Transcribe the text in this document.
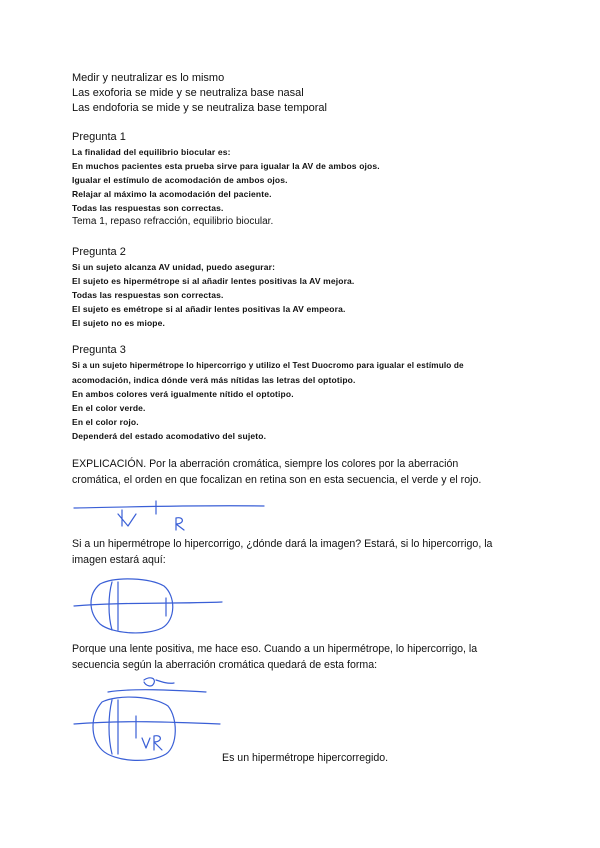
Medir y neutralizar es lo mismo
Las exoforia se mide y se neutraliza base nasal
Las endoforia se mide y se neutraliza base temporal
Pregunta 1
La finalidad del equilibrio biocular es:
En muchos pacientes esta prueba sirve para igualar la AV de ambos ojos.
Igualar el estímulo de acomodación de ambos ojos.
Relajar al máximo la acomodación del paciente.
Todas las respuestas son correctas.
Tema 1, repaso refracción, equilibrio biocular.
Pregunta 2
Si un sujeto alcanza AV unidad, puedo asegurar:
El sujeto es hipermétrope si al añadir lentes positivas la AV mejora.
Todas las respuestas son correctas.
El sujeto es emétrope si al añadir lentes positivas la AV empeora.
El sujeto no es miope.
Pregunta 3
Si a un sujeto hipermétrope lo hipercorrigo y utilizo el Test Duocromo para igualar el estímulo de
acomodación, indica dónde verá más nítidas las letras del optotipo.
En ambos colores verá igualmente nítido el optotipo.
En el color verde.
En el color rojo.
Dependerá del estado acomodativo del sujeto.
EXPLICACIÓN. Por la aberración cromática, siempre los colores por la aberración
cromática, el orden en que focalizan en retina son en esta secuencia, el verde y el rojo.
Si a un hipermétrope lo hipercorrigo, ¿dónde dará la imagen? Estará, si lo hipercorrigo, la
imagen estará aquí:
Porque una lente positiva, me hace eso. Cuando a un hipermétrope, lo hipercorrigo, la
secuencia según la aberración cromática quedará de esta forma:
Es un hipermétrope hipercorregido.
